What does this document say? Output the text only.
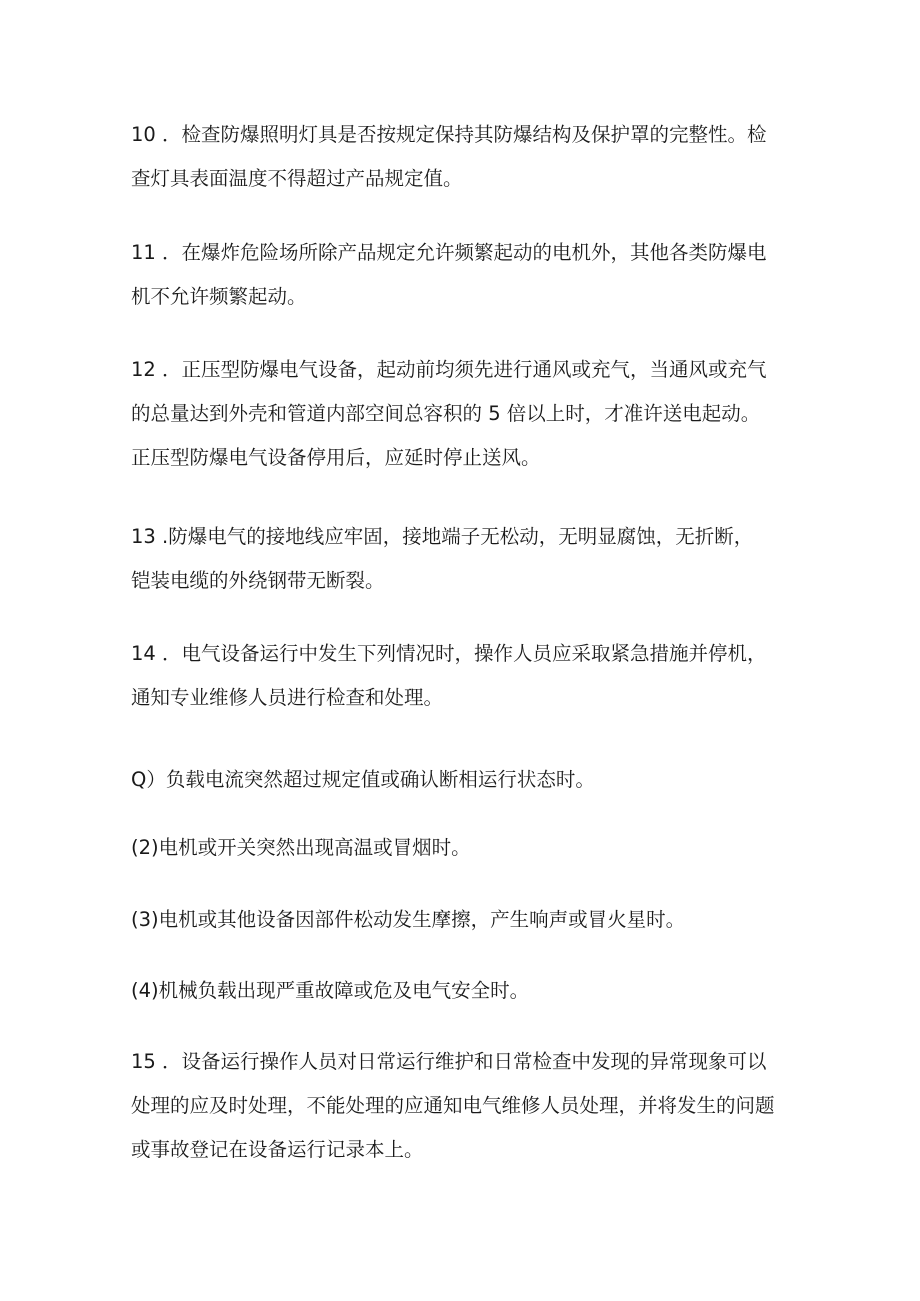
10 ．检查防爆照明灯具是否按规定保持其防爆结构及保护罩的完整性。检
查灯具表面温度不得超过产品规定值。

11 ．在爆炸危险场所除产品规定允许频繁起动的电机外，其他各类防爆电
机不允许频繁起动。

12 ．正压型防爆电气设备，起动前均须先进行通风或充气，当通风或充气
的总量达到外壳和管道内部空间总容积的 5 倍以上时，才准许送电起动。
正压型防爆电气设备停用后，应延时停止送风。

13 .防爆电气的接地线应牢固，接地端子无松动，无明显腐蚀，无折断，
铠装电缆的外绕钢带无断裂。

14 ．电气设备运行中发生下列情况时，操作人员应采取紧急措施并停机，
通知专业维修人员进行检查和处理。

Q）负载电流突然超过规定值或确认断相运行状态时。

(2)电机或开关突然出现高温或冒烟时。

(3)电机或其他设备因部件松动发生摩擦，产生响声或冒火星时。

(4)机械负载出现严重故障或危及电气安全时。

15 ．设备运行操作人员对日常运行维护和日常检查中发现的异常现象可以
处理的应及时处理，不能处理的应通知电气维修人员处理，并将发生的问题
或事故登记在设备运行记录本上。
